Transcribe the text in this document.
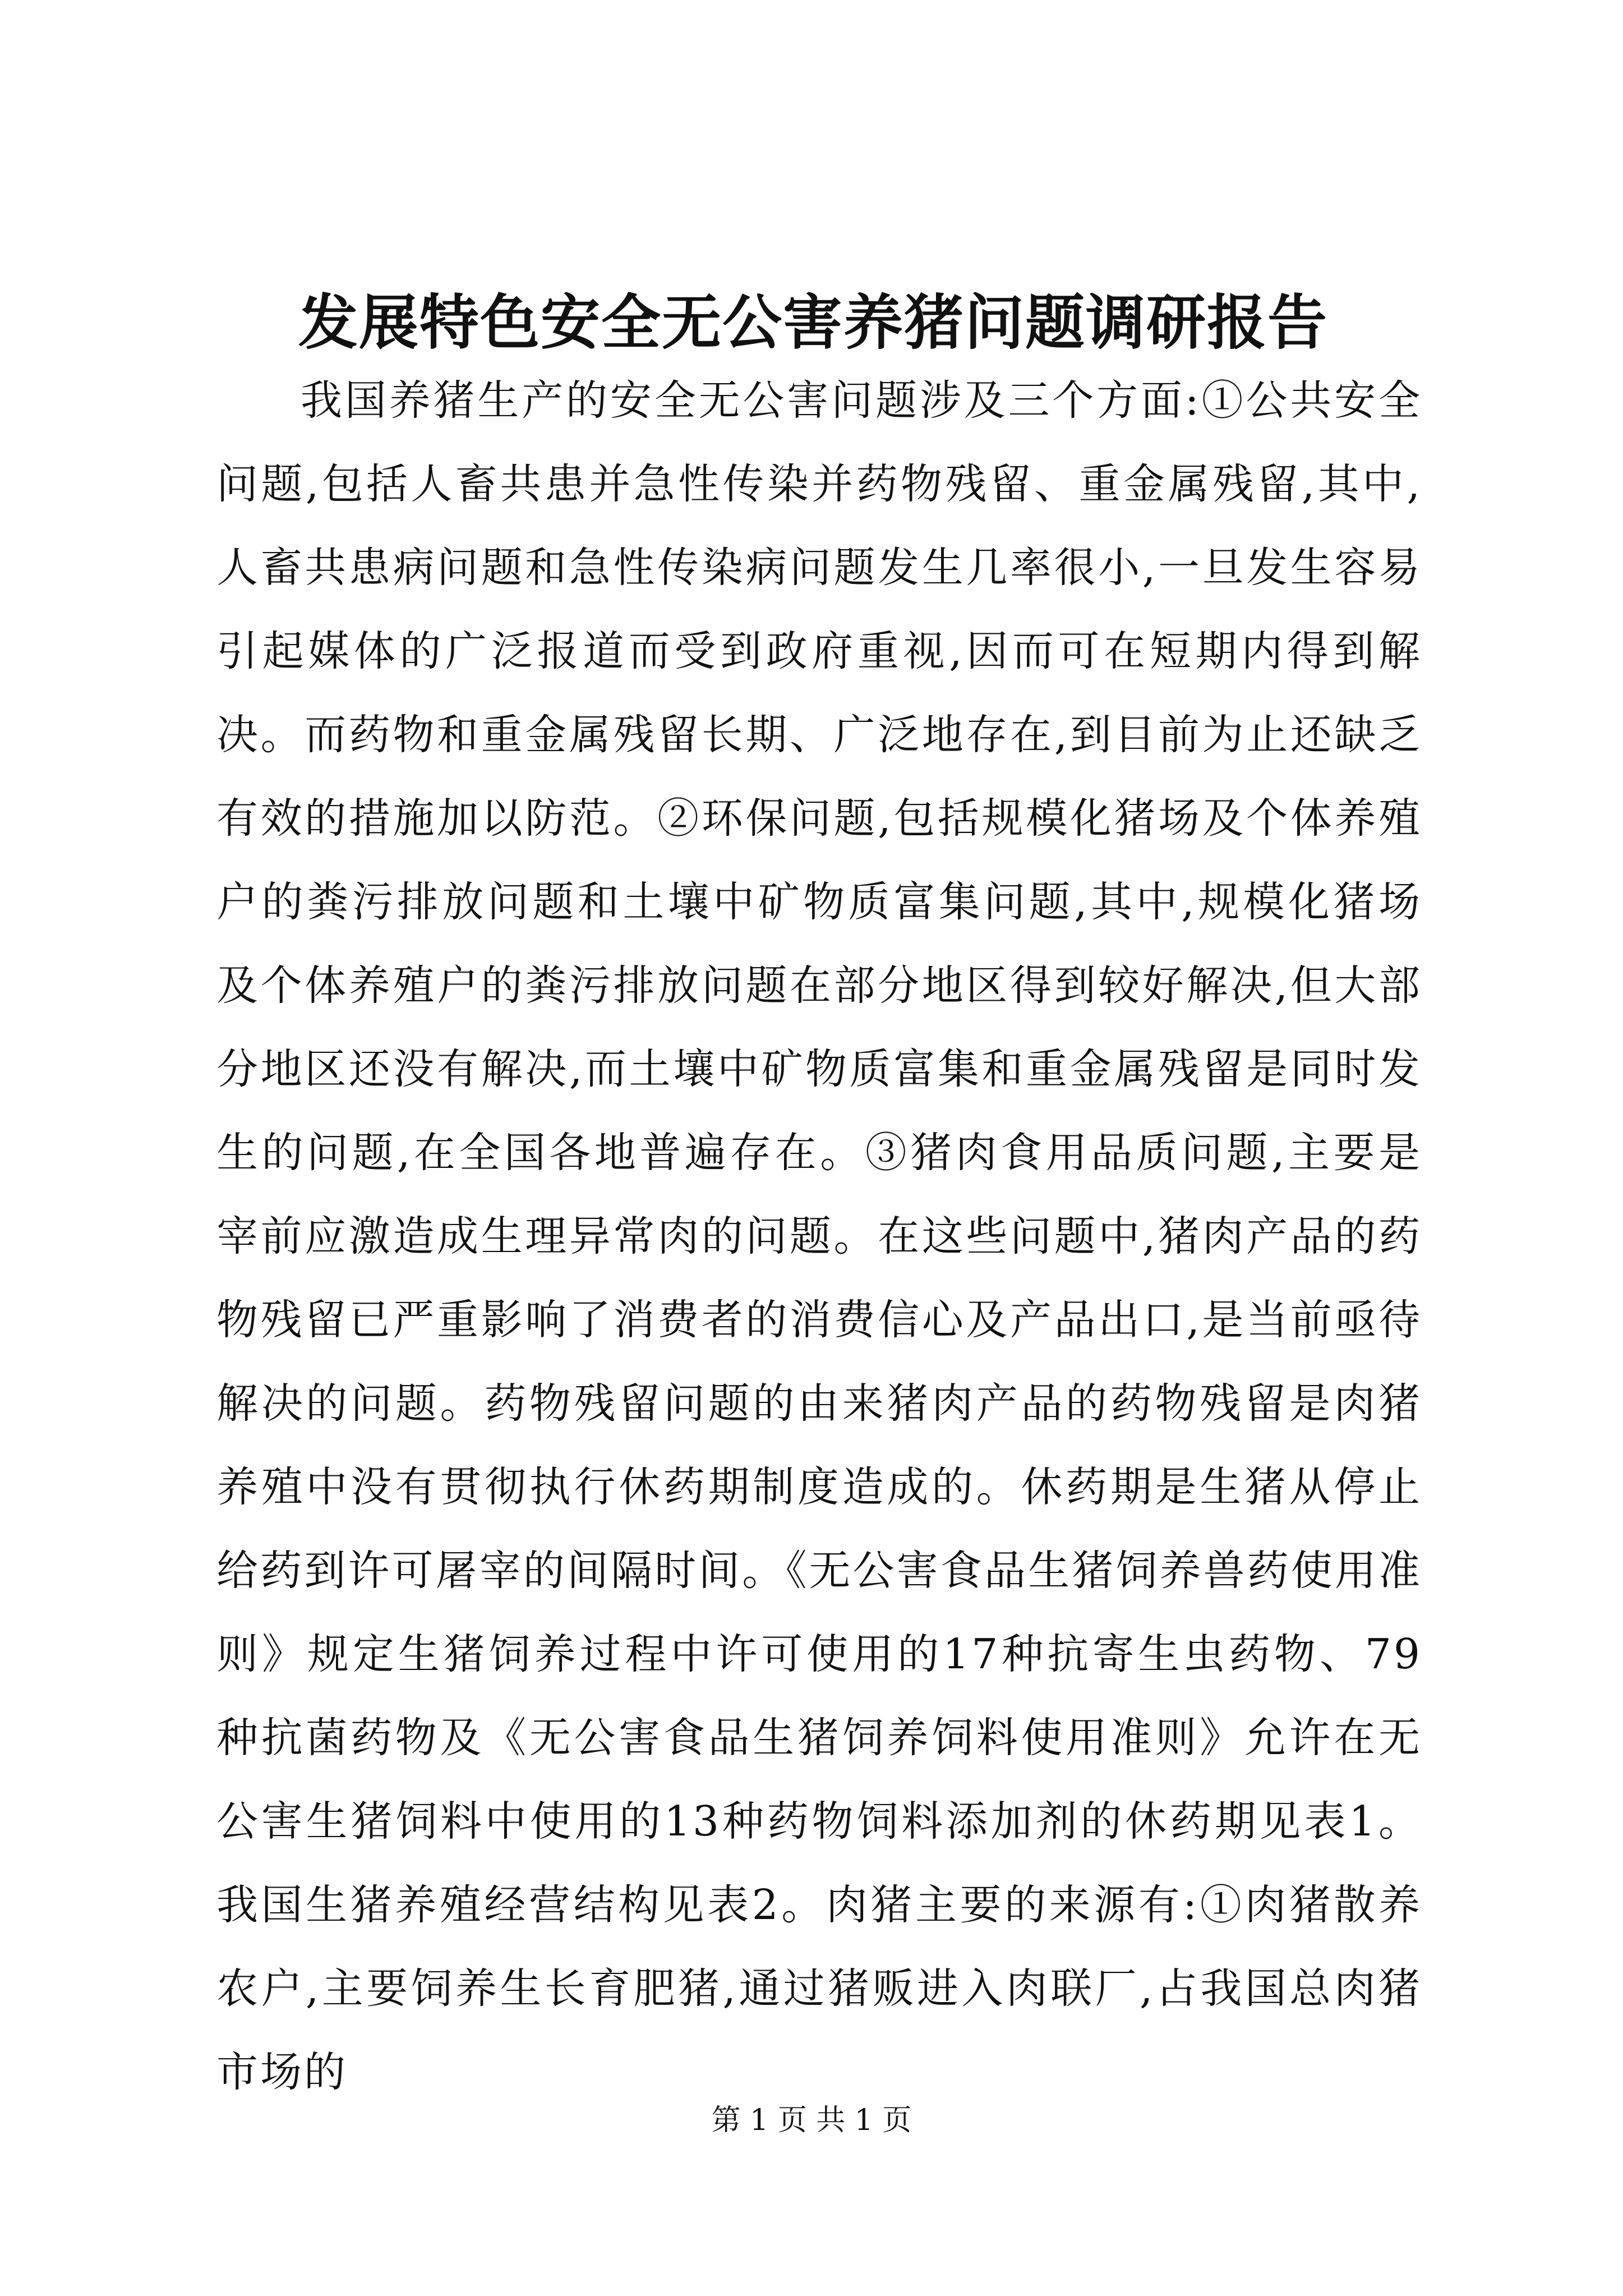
发展特色安全无公害养猪问题调研报告

我国养猪生产的安全无公害问题涉及三个方面:①公共安全问题,包括人畜共患并急性传染并药物残留、重金属残留,其中,人畜共患病问题和急性传染病问题发生几率很小,一旦发生容易引起媒体的广泛报道而受到政府重视,因而可在短期内得到解决。而药物和重金属残留长期、广泛地存在,到目前为止还缺乏有效的措施加以防范。②环保问题,包括规模化猪场及个体养殖户的粪污排放问题和土壤中矿物质富集问题,其中,规模化猪场及个体养殖户的粪污排放问题在部分地区得到较好解决,但大部分地区还没有解决,而土壤中矿物质富集和重金属残留是同时发生的问题,在全国各地普遍存在。③猪肉食用品质问题,主要是宰前应激造成生理异常肉的问题。在这些问题中,猪肉产品的药物残留已严重影响了消费者的消费信心及产品出口,是当前亟待解决的问题。药物残留问题的由来猪肉产品的药物残留是肉猪养殖中没有贯彻执行休药期制度造成的。休药期是生猪从停止给药到许可屠宰的间隔时间。《无公害食品生猪饲养兽药使用准则》规定生猪饲养过程中许可使用的17种抗寄生虫药物、79种抗菌药物及《无公害食品生猪饲养饲料使用准则》允许在无公害生猪饲料中使用的13种药物饲料添加剂的休药期见表1。我国生猪养殖经营结构见表2。肉猪主要的来源有:①肉猪散养农户,主要饲养生长育肥猪,通过猪贩进入肉联厂,占我国总肉猪市场的

第 1 页 共 1 页
